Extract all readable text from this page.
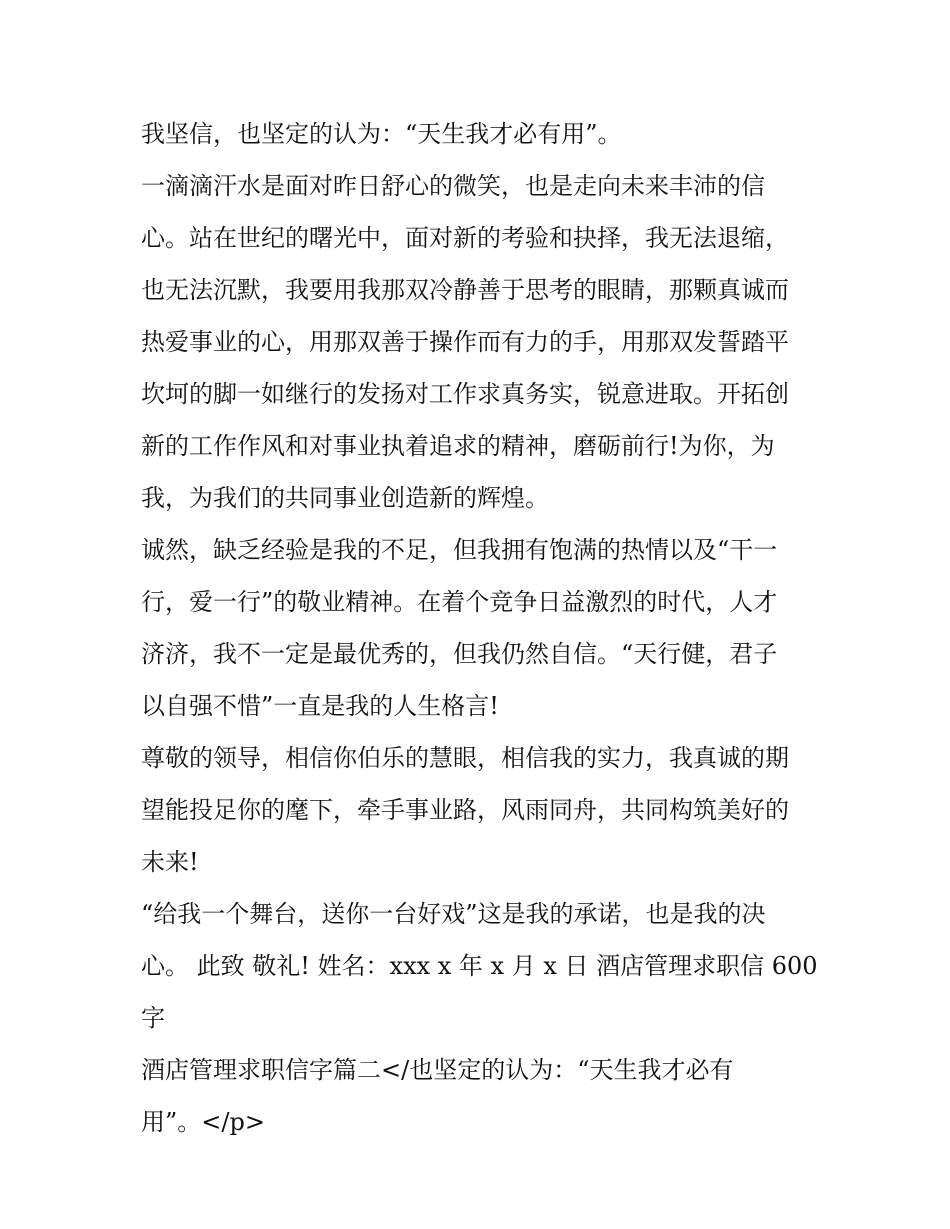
我坚信，也坚定的认为：“天生我才必有用”。
一滴滴汗水是面对昨日舒心的微笑，也是走向未来丰沛的信
心。站在世纪的曙光中，面对新的考验和抉择，我无法退缩，
也无法沉默，我要用我那双冷静善于思考的眼睛，那颗真诚而
热爱事业的心，用那双善于操作而有力的手，用那双发誓踏平
坎坷的脚一如继行的发扬对工作求真务实，锐意进取。开拓创
新的工作作风和对事业执着追求的精神，磨砺前行!为你，为
我，为我们的共同事业创造新的辉煌。
诚然，缺乏经验是我的不足，但我拥有饱满的热情以及“干一
行，爱一行”的敬业精神。在着个竞争日益激烈的时代，人才
济济，我不一定是最优秀的，但我仍然自信。“天行健，君子
以自强不惜”一直是我的人生格言!
尊敬的领导，相信你伯乐的慧眼，相信我的实力，我真诚的期
望能投足你的麾下，牵手事业路，风雨同舟，共同构筑美好的
未来!
“给我一个舞台，送你一台好戏”这是我的承诺，也是我的决
心。 此致 敬礼! 姓名：xxx x 年 x 月 x 日 酒店管理求职信 600
字
酒店管理求职信字篇二</也坚定的认为：“天生我才必有
用”。</p>
